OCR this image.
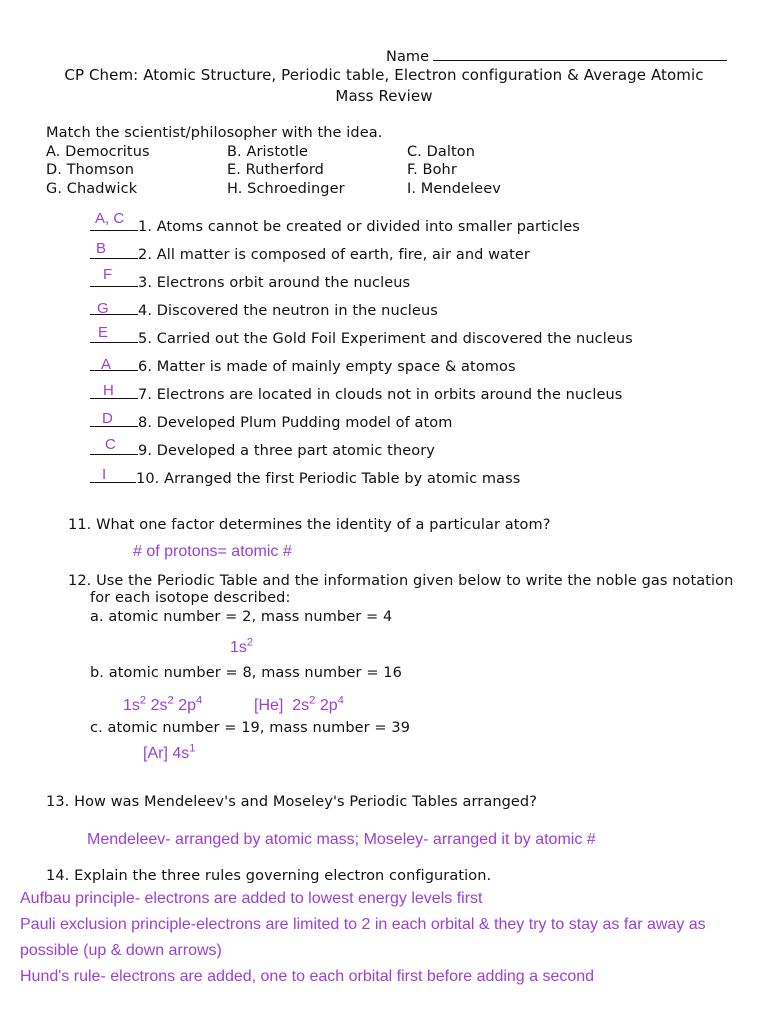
Name
CP Chem: Atomic Structure, Periodic table, Electron configuration & Average Atomic
Mass Review
Match the scientist/philosopher with the idea.
A. Democritus	B. Aristotle	C. Dalton
D. Thomson	E. Rutherford	F. Bohr
G. Chadwick	H. Schroedinger	I. Mendeleev
A, C 1. Atoms cannot be created or divided into smaller particles
B	2. All matter is composed of earth, fire, air and water
F	3. Electrons orbit around the nucleus
G	4. Discovered the neutron in the nucleus
E	5. Carried out the Gold Foil Experiment and discovered the nucleus
A	6. Matter is made of mainly empty space & atomos
H	7. Electrons are located in clouds not in orbits around the nucleus
D	8. Developed Plum Pudding model of atom
C	9. Developed a three part atomic theory
I	10. Arranged the first Periodic Table by atomic mass
11. What one factor determines the identity of a particular atom?
# of protons= atomic #
12. Use the Periodic Table and the information given below to write the noble gas notation
for each isotope described:
a. atomic number = 2, mass number = 4
$1s^2$
b. atomic number = 8, mass number = 16
$1s^2$ $2s^2$ $2p^4$	[He] $2s^2$ $2p^4$
c. atomic number = 19, mass number = 39
[Ar] $4s^1$
13. How was Mendeleev's and Moseley's Periodic Tables arranged?
Mendeleev- arranged by atomic mass; Moseley- arranged it by atomic #
14. Explain the three rules governing electron configuration.
Aufbau principle- electrons are added to lowest energy levels first
Pauli exclusion principle-electrons are limited to 2 in each orbital & they try to stay as far away as
possible (up & down arrows)
Hund's rule- electrons are added, one to each orbital first before adding a second
